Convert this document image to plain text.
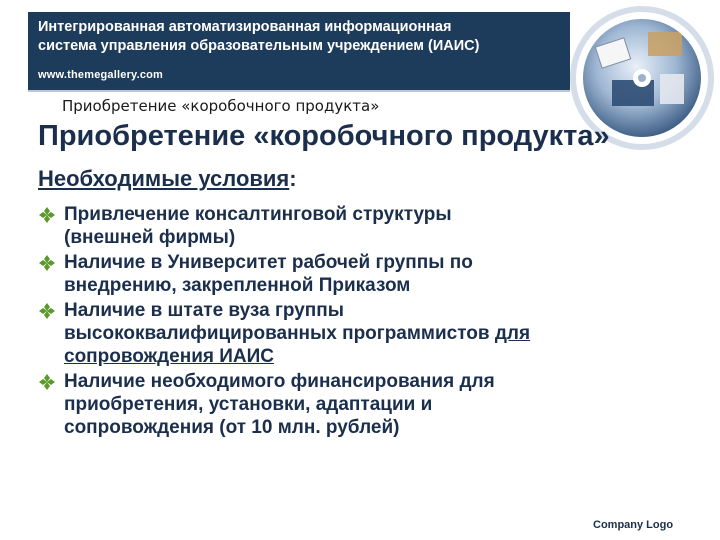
Интегрированная автоматизированная информационная
система управления образовательным учреждением (ИАИС)
www.themegallery.com
Приобретение «коробочного продукта»
Приобретение «коробочного продукта»
Необходимые условия:
Привлечение консалтинговой структуры
(внешней фирмы)
Наличие в Университет рабочей группы по
внедрению, закрепленной Приказом
Наличие в штате вуза группы
высококвалифицированных программистов для
сопровождения ИАИС
Наличие необходимого финансирования для
приобретения, установки, адаптации и
сопровождения (от 10 млн. рублей)
Company Logo
